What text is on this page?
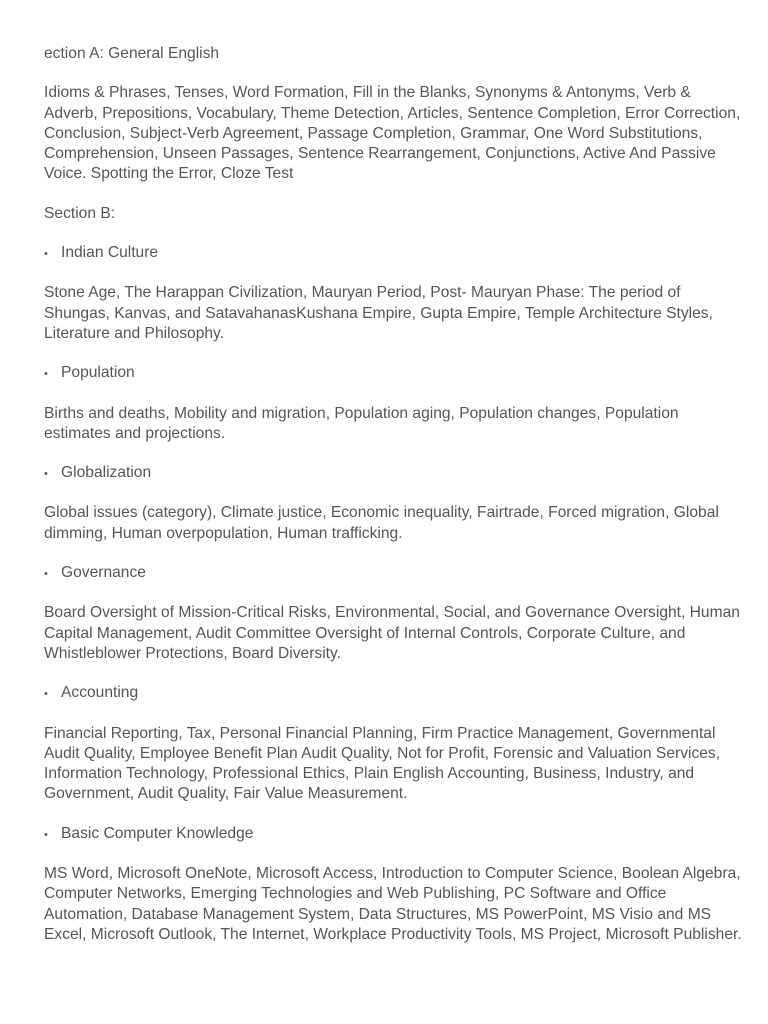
ection A: General English

Idioms & Phrases, Tenses, Word Formation, Fill in the Blanks, Synonyms & Antonyms, Verb & Adverb, Prepositions, Vocabulary, Theme Detection, Articles, Sentence Completion, Error Correction, Conclusion, Subject-Verb Agreement, Passage Completion, Grammar, One Word Substitutions, Comprehension, Unseen Passages, Sentence Rearrangement, Conjunctions, Active And Passive Voice. Spotting the Error, Cloze Test

Section B:

• Indian Culture

Stone Age, The Harappan Civilization, Mauryan Period, Post- Mauryan Phase: The period of Shungas, Kanvas, and SatavahanasKushana Empire, Gupta Empire, Temple Architecture Styles, Literature and Philosophy.

• Population

Births and deaths, Mobility and migration, Population aging, Population changes, Population estimates and projections.

• Globalization

Global issues (category), Climate justice, Economic inequality, Fairtrade, Forced migration, Global dimming, Human overpopulation, Human trafficking.

• Governance

Board Oversight of Mission-Critical Risks, Environmental, Social, and Governance Oversight, Human Capital Management, Audit Committee Oversight of Internal Controls, Corporate Culture, and Whistleblower Protections, Board Diversity.

• Accounting

Financial Reporting, Tax, Personal Financial Planning, Firm Practice Management, Governmental Audit Quality, Employee Benefit Plan Audit Quality, Not for Profit, Forensic and Valuation Services, Information Technology, Professional Ethics, Plain English Accounting, Business, Industry, and Government, Audit Quality, Fair Value Measurement.

• Basic Computer Knowledge

MS Word, Microsoft OneNote, Microsoft Access, Introduction to Computer Science, Boolean Algebra, Computer Networks, Emerging Technologies and Web Publishing, PC Software and Office Automation, Database Management System, Data Structures, MS PowerPoint, MS Visio and MS Excel, Microsoft Outlook, The Internet, Workplace Productivity Tools, MS Project, Microsoft Publisher.
